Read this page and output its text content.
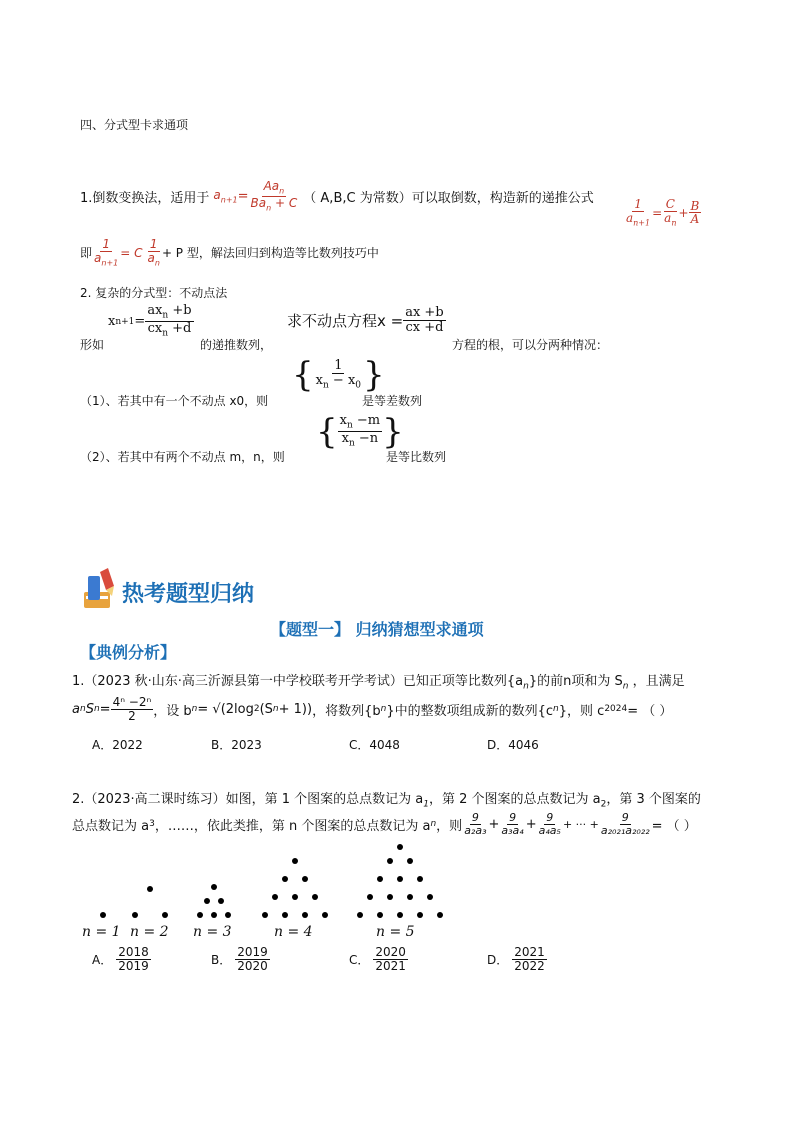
四、分式型卡求通项
1.倒数变换法，适用于 $a_{n+1} = \frac{Aa_n}{Ba_n + C}$ （ A,B,C 为常数）可以取倒数，构造新的递推公式	$\frac{1}{a_{n+1}} = \frac{C}{a_n} + \frac{B}{A}$
即 $\frac{1}{a_{n+1}} = C \frac{1}{a_n} + P$ 型，解法回归到构造等比数列技巧中
2. 复杂的分式型：不动点法
形如
x $n+1 = \frac{ax_n +b}{cx_n +d}$
的递推数列，
求不动点方程$x = \frac{ax +b}{cx +d}$
方程的根，可以分两种情况：
（1）、若其中有一个不动点 x0，则
{ $\frac{1}{x_n - x_0}$ }
是等差数列
（2）、若其中有两个不动点 m，n，则
{ $\frac{x_n -m}{x_n -n}$ }
是等比数列
热考题型归纳
【题型一】 归纳猜想型求通项
【典例分析】
1.（2023 秋·山东·高三沂源县第一中学校联考开学考试）已知正项等比数列$\{a_n\}$的前n项和为 $S_n$ ，且满足
a n S $n = \frac{\text{4ⁿ −2ⁿ}}{2}$ ，设 b n = √(2log 2 (S n + 1)) ，将数列{b n }中的整数项组成新的数列{c n }，则 c 2024 = （ ）
A．2022	B．2023	C．4048	D．4046
2.（2023·高二课时练习）如图，第 1 个图案的总点数记为 $a_1$，第 2 个图案的总点数记为 $a_2$，第 3 个图案的
总点数记为 a 3 ，……，依此类推，第 n 个图案的总点数记为 a n ，则 $\frac{9}{\text{a₂a₃}} + \frac{9}{\text{a₃a₄}} + \frac{9}{\text{a₄a₅}}$ + ··· + $\frac{9}{\text{a₂₀₂₁a₂₀₂₂}}$ = （ ）
n = 1 n = 2 n = 3	n = 4	n = 5
A． $\frac{2018}{2019}$	B． $\frac{2019}{2020}$	C． $\frac{2020}{2021}$	D． $\frac{2021}{2022}$
